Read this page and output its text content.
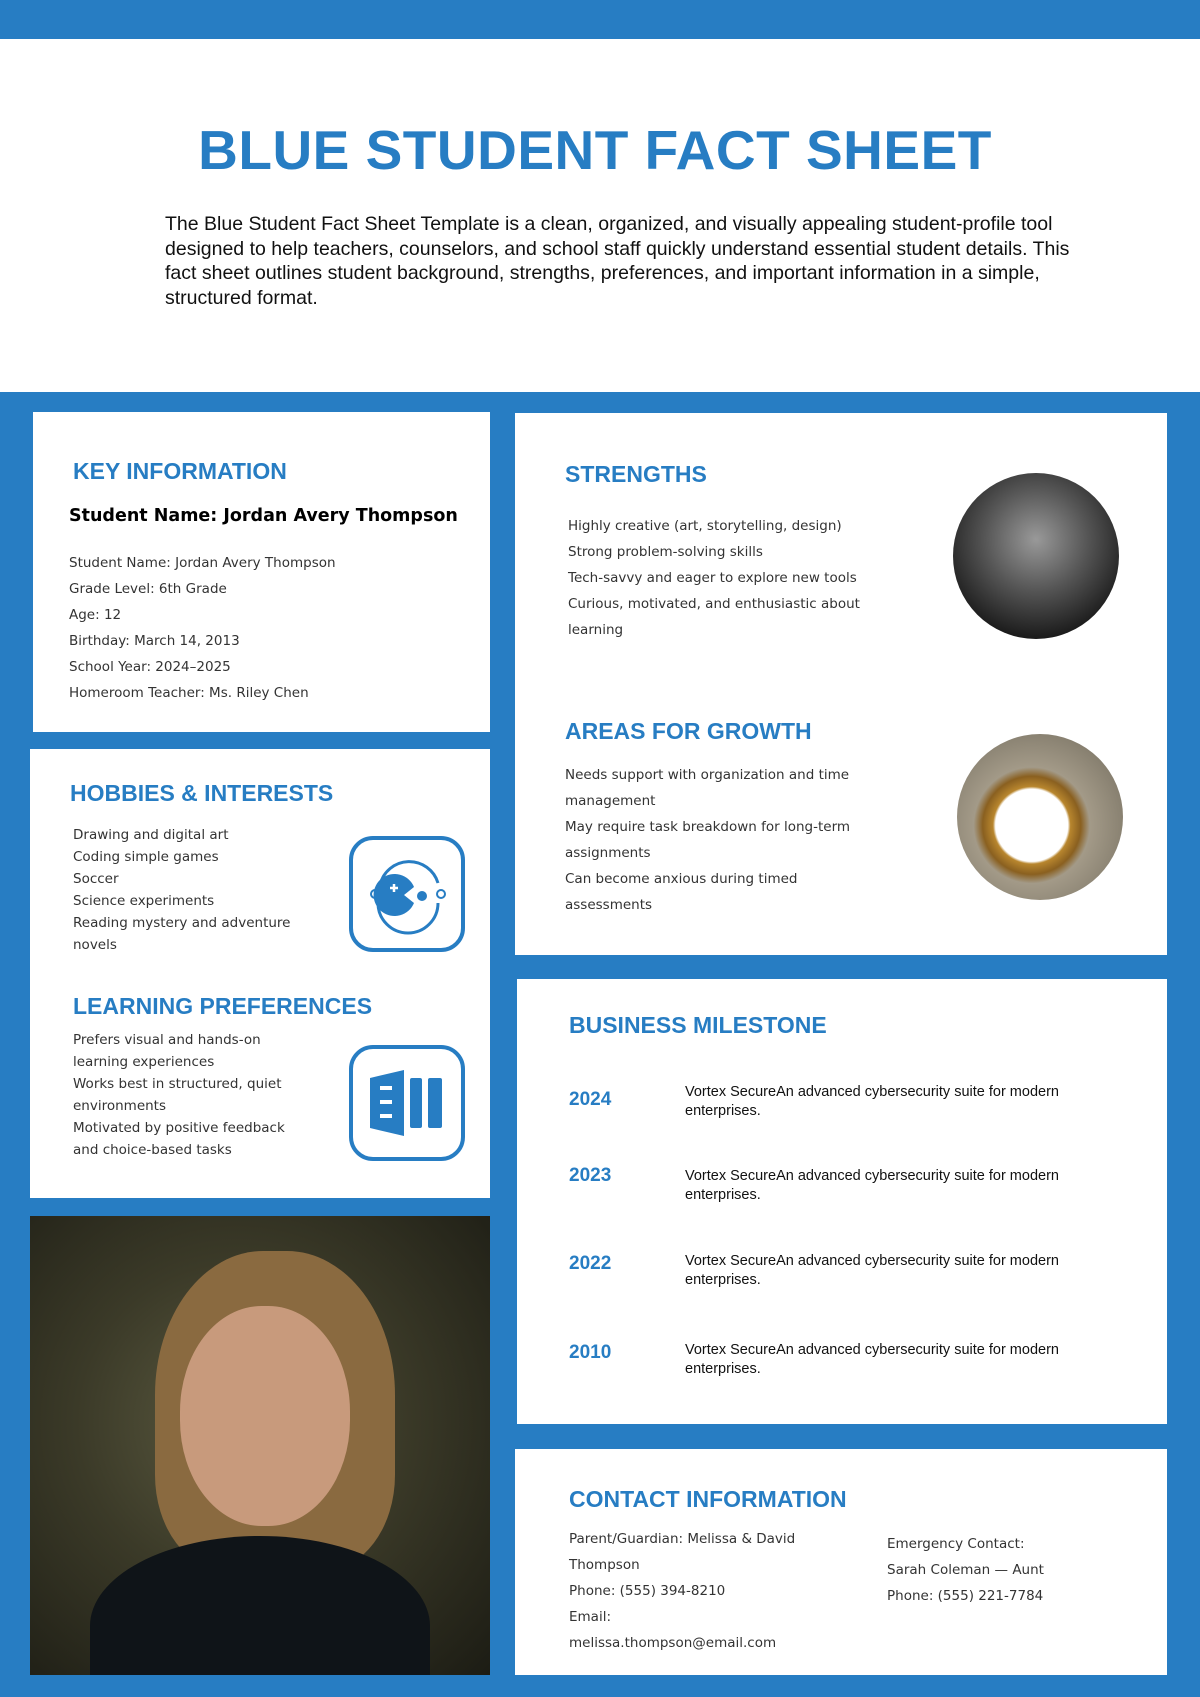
BLUE STUDENT FACT SHEET

The Blue Student Fact Sheet Template is a clean, organized, and visually appealing student-profile tool designed to help teachers, counselors, and school staff quickly understand essential student details. This fact sheet outlines student background, strengths, preferences, and important information in a simple, structured format.

KEY INFORMATION
Student Name: Jordan Avery Thompson
Student Name: Jordan Avery Thompson
Grade Level: 6th Grade
Age: 12
Birthday: March 14, 2013
School Year: 2024–2025
Homeroom Teacher: Ms. Riley Chen
HOBBIES & INTERESTS
Drawing and digital art
Coding simple games
Soccer
Science experiments
Reading mystery and adventure novels
LEARNING PREFERENCES
Prefers visual and hands-on learning experiences
Works best in structured, quiet environments
Motivated by positive feedback and choice-based tasks
STRENGTHS
Highly creative (art, storytelling, design)
Strong problem-solving skills
Tech-savvy and eager to explore new tools
Curious, motivated, and enthusiastic about learning
AREAS FOR GROWTH
Needs support with organization and time management
May require task breakdown for long-term assignments
Can become anxious during timed assessments
BUSINESS MILESTONE
2024	Vortex SecureAn advanced cybersecurity suite for modern enterprises.
2023	Vortex SecureAn advanced cybersecurity suite for modern enterprises.
2022	Vortex SecureAn advanced cybersecurity suite for modern enterprises.
2010	Vortex SecureAn advanced cybersecurity suite for modern enterprises.
CONTACT INFORMATION
Parent/Guardian: Melissa & David Thompson
Phone: (555) 394-8210
Email:
melissa.thompson@email.com
Emergency Contact:
Sarah Coleman — Aunt
Phone: (555) 221-7784
